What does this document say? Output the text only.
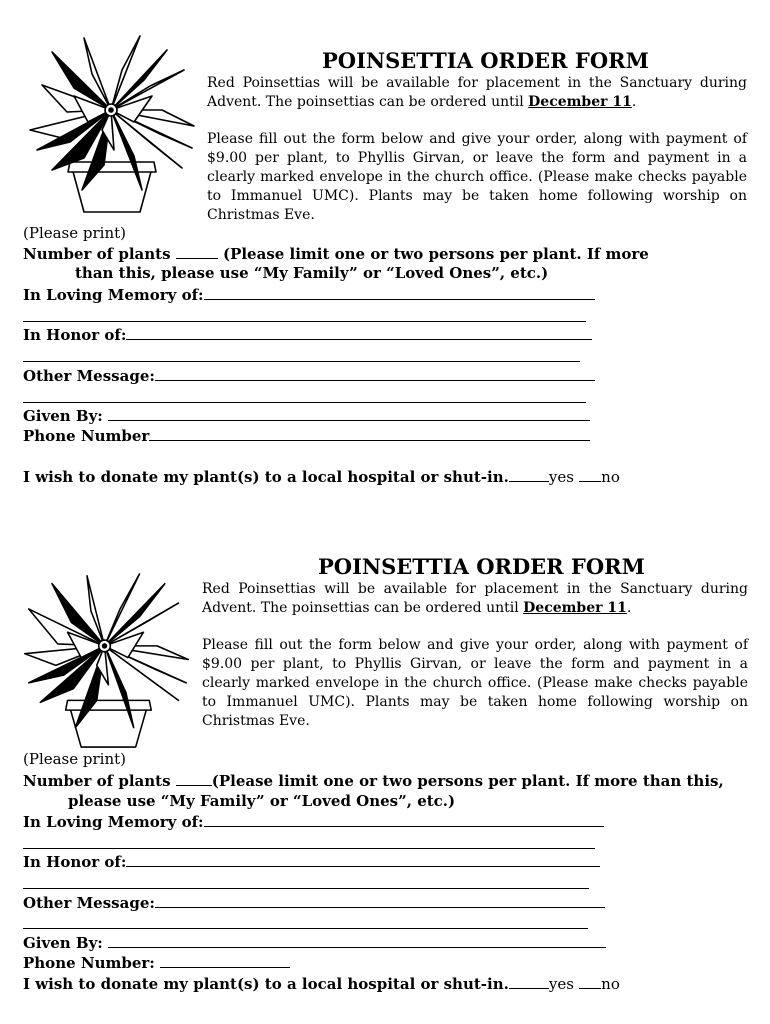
POINSETTIA ORDER FORM

Red Poinsettias will be available for placement in the Sanctuary during Advent. The poinsettias can be ordered until December 11.

Please fill out the form below and give your order, along with payment of $9.00 per plant, to Phyllis Girvan, or leave the form and payment in a clearly marked envelope in the church office. (Please make checks payable to Immanuel UMC). Plants may be taken home following worship on Christmas Eve.

(Please print)
Number of plants	(Please limit one or two persons per plant. If more
than this, please use “My Family” or “Loved Ones”, etc.)
In Loving Memory of:
In Honor of:
Other Message:
Given By:
Phone Number
I wish to donate my plant(s) to a local hospital or shut-in.	yes no
POINSETTIA ORDER FORM

Red Poinsettias will be available for placement in the Sanctuary during Advent. The poinsettias can be ordered until December 11.

Please fill out the form below and give your order, along with payment of $9.00 per plant, to Phyllis Girvan, or leave the form and payment in a clearly marked envelope in the church office. (Please make checks payable to Immanuel UMC). Plants may be taken home following worship on Christmas Eve.

(Please print)
Number of plants	(Please limit one or two persons per plant. If more than this,
please use “My Family” or “Loved Ones”, etc.)
In Loving Memory of:
In Honor of:
Other Message:
Given By:
Phone Number:
I wish to donate my plant(s) to a local hospital or shut-in.	yes no
